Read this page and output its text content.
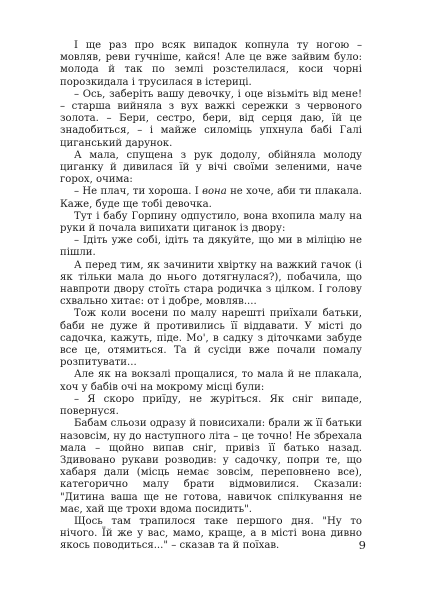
І ще раз про всяк випадок копнула ту ногою – мовляв, реви гучніше, кайся! Але це вже зайвим було: молода й так по землі розстелилася, коси чорні порозкидала і трусилася в істериці.

– Ось, заберіть вашу девочку, і оце візьміть від мене! – старша вийняла з вух важкі сережки з червоного золота. – Бери, сестро, бери, від серця даю, їй це знадобиться, – і майже силоміць упхнула бабі Галі циганський дарунок.

А мала, спущена з рук додолу, обійняла молоду циганку й дивилася їй у вічі своїми зеленими, наче горох, очима:

– Не плач, ти хороша. І вона не хоче, аби ти плакала. Каже, буде ще тобі девочка.

Тут і бабу Горпину одпустило, вона вхопила малу на руки й почала випихати циганок із двору:

– Ідіть уже собі, ідіть та дякуйте, що ми в міліцію не пішли.

А перед тим, як зачинити хвіртку на важкий гачок (і як тільки мала до нього дотягнулася?), побачила, що навпроти двору стоїть стара родичка з цілком. І голову схвально хитає: от і добре, мовляв....

Тож коли восени по малу нарешті приїхали батьки, баби не дуже й противились її віддавати. У місті до садочка, кажуть, піде. Мо', в садку з діточками забуде все це, отямиться. Та й сусіди вже почали помалу розпитувати...

Але як на вокзалі прощалися, то мала й не плакала, хоч у бабів очі на мокрому місці були:

– Я скоро приїду, не журіться. Як сніг випаде, повернуся.

Бабам сльози одразу й повисихали: брали ж її батьки назовсім, ну до наступного літа – це точно! Не збрехала мала – щойно випав сніг, привіз її батько назад. Здивовано рукави розводив: у садочку, попри те, що хабаря дали (місць немає зовсім, переповнено все), категорично малу брати відмовилися. Сказали: "Дитина ваша ще не готова, навичок спілкування не має, хай ще трохи вдома посидить".

Щось там трапилося таке першого дня. "Ну то нічого. Їй же у вас, мамо, краще, а в місті вона дивно якось поводиться..." – сказав та й поїхав.	9
